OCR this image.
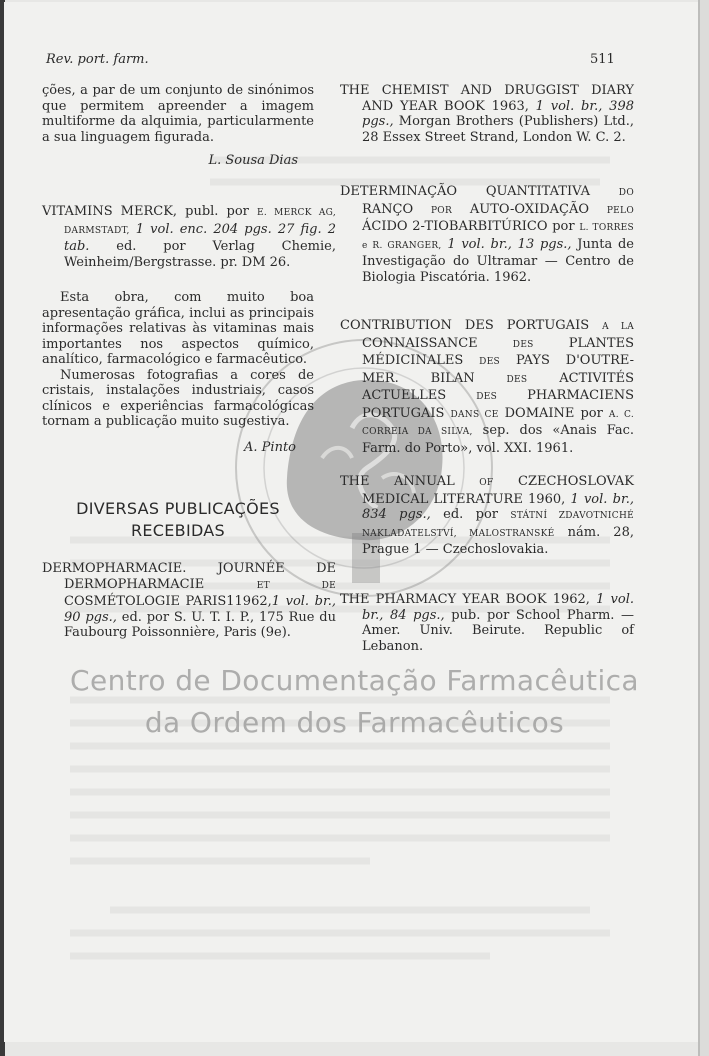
Rev. port. farm.	511

ções, a par de um conjunto de sinónimos que permitem apreender a imagem multiforme da alquimia, particularmente a sua linguagem figurada.

L. Sousa Dias

VITAMINS MERCK, publ. por E. MERCK AG, DARMSTADT, 1 vol. enc. 204 pgs. 27 fig. 2 tab. ed. por Verlag Chemie, Weinheim/Bergstrasse. pr. DM 26.

Esta obra, com muito boa apresentação gráfica, inclui as principais informações relativas às vitaminas mais importantes nos aspectos químico, analítico, farmacológico e farmacêutico.

Numerosas fotografias a cores de cristais, instalações industriais, casos clínicos e experiências farmacológicas tornam a publicação muito sugestiva.

A. Pinto

DERMOPHARMACIE. JOURNÉE DE DERMOPHARMACIE ET DE COSMÉTOLOGIE PARIS11962,1 vol. br., 90 pgs., ed. por S. U. T. I. P., 175 Rue du Faubourg Poissonnière, Paris (9e).
DIVERSAS PUBLICAÇÕES
RECEBIDAS
THE CHEMIST AND DRUGGIST DIARY AND YEAR BOOK 1963, 1 vol. br., 398 pgs., Morgan Brothers (Publishers) Ltd., 28 Essex Street Strand, London W. C. 2.
DETERMINAÇÃO QUANTITATIVA DO RANÇO POR AUTO-OXIDAÇÃO PELO ÁCIDO 2-TIOBARBITÚRICO por L. TORRES e R. GRANGER, 1 vol. br., 13 pgs., Junta de Investigação do Ultramar — Centro de Biologia Piscatória. 1962.
CONTRIBUTION DES PORTUGAIS A LA CONNAISSANCE DES PLANTES MÉDICINALES DES PAYS D'OUTRE-MER. BILAN DES ACTIVITÉS ACTUELLES DES PHARMACIENS PORTUGAIS DANS CE DOMAINE por A. C. CORREIA DA SILVA, sep. dos «Anais Fac. Farm. do Porto», vol. XXI. 1961.
THE ANNUAL OF CZECHOSLOVAK MEDICAL LITERATURE 1960, 1 vol. br., 834 pgs., ed. por STÁTNÍ ZDAVOTNICHÉ NAKLADATELSTVÍ, MALOSTRANSKÉ nám. 28, Prague 1 — Czechoslovakia.
THE PHARMACY YEAR BOOK 1962, 1 vol. br., 84 pgs., pub. por School Pharm. — Amer. Univ. Beirute. Republic of Lebanon.
Centro de Documentação Farmacêutica
da Ordem dos Farmacêuticos
